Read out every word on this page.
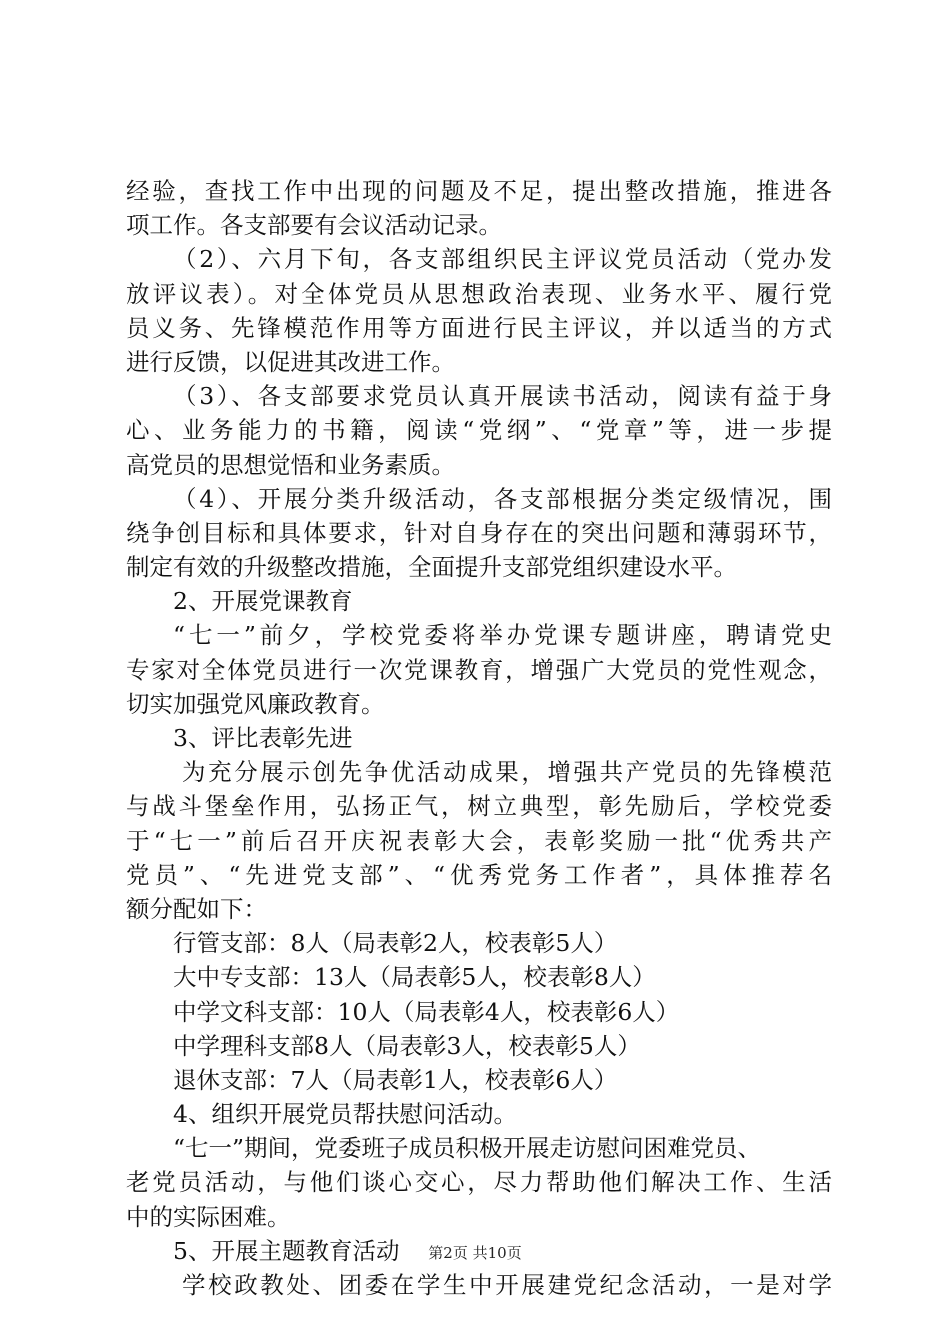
经验，查找工作中出现的问题及不足，提出整改措施，推进各
项工作。各支部要有会议活动记录。
（2）、六月下旬，各支部组织民主评议党员活动（党办发
放评议表）。对全体党员从思想政治表现、业务水平、履行党
员义务、先锋模范作用等方面进行民主评议，并以适当的方式
进行反馈，以促进其改进工作。
（3）、各支部要求党员认真开展读书活动，阅读有益于身
心、业务能力的书籍，阅读“党纲”、“党章”等，进一步提
高党员的思想觉悟和业务素质。
（4）、开展分类升级活动，各支部根据分类定级情况，围
绕争创目标和具体要求，针对自身存在的突出问题和薄弱环节，
制定有效的升级整改措施，全面提升支部党组织建设水平。
2、开展党课教育
“七一”前夕，学校党委将举办党课专题讲座，聘请党史
专家对全体党员进行一次党课教育，增强广大党员的党性观念，
切实加强党风廉政教育。
3、评比表彰先进
为充分展示创先争优活动成果，增强共产党员的先锋模范
与战斗堡垒作用，弘扬正气，树立典型，彰先励后，学校党委
于“七一”前后召开庆祝表彰大会，表彰奖励一批“优秀共产
党员”、“先进党支部”、“优秀党务工作者”，具体推荐名
额分配如下：
行管支部：8人（局表彰2人，校表彰5人）
大中专支部：13人（局表彰5人，校表彰8人）
中学文科支部：10人（局表彰4人，校表彰6人）
中学理科支部8人（局表彰3人，校表彰5人）
退休支部：7人（局表彰1人，校表彰6人）
4、组织开展党员帮扶慰问活动。
“七一”期间，党委班子成员积极开展走访慰问困难党员、
老党员活动，与他们谈心交心，尽力帮助他们解决工作、生活
中的实际困难。
5、开展主题教育活动
学校政教处、团委在学生中开展建党纪念活动，一是对学
第2页 共10页
